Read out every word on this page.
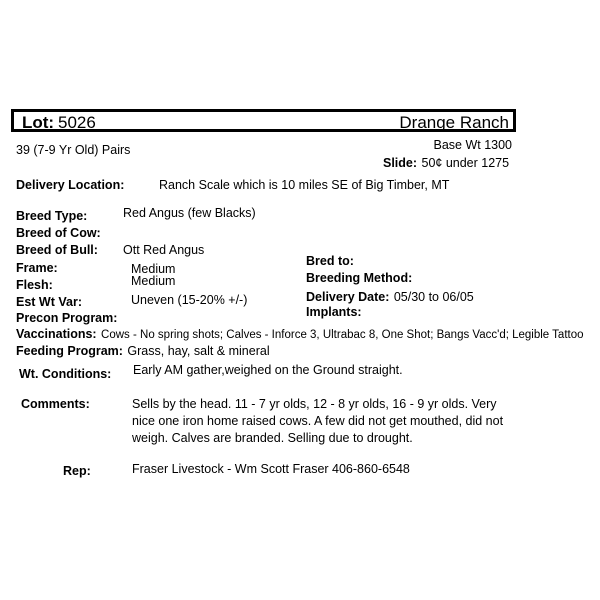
Lot: 5026	Drange Ranch
39 (7-9 Yr Old) Pairs	Base Wt 1300
Slide: 50¢ under 1275
Delivery Location:	Ranch Scale which is 10 miles SE of Big Timber, MT
Breed Type:	Red Angus (few Blacks)
Breed of Cow:
Breed of Bull: Ott Red Angus
Frame:	Medium
Flesh:	Medium
Est Wt Var:	Uneven (15-20% +/-)
Precon Program:
Bred to:
Breeding Method:
Delivery Date: 05/30 to 06/05
Implants:
Vaccinations: Cows - No spring shots; Calves - Inforce 3, Ultrabac 8, One Shot; Bangs Vacc'd; Legible Tattoo
Feeding Program: Grass, hay, salt & mineral
Wt. Conditions: Early AM gather,weighed on the Ground straight.
Comments:	Sells by the head. 11 - 7 yr olds, 12 - 8 yr olds, 16 - 9 yr olds. Very
nice one iron home raised cows. A few did not get mouthed, did not
weigh. Calves are branded. Selling due to drought.
Rep:	Fraser Livestock - Wm Scott Fraser 406-860-6548
